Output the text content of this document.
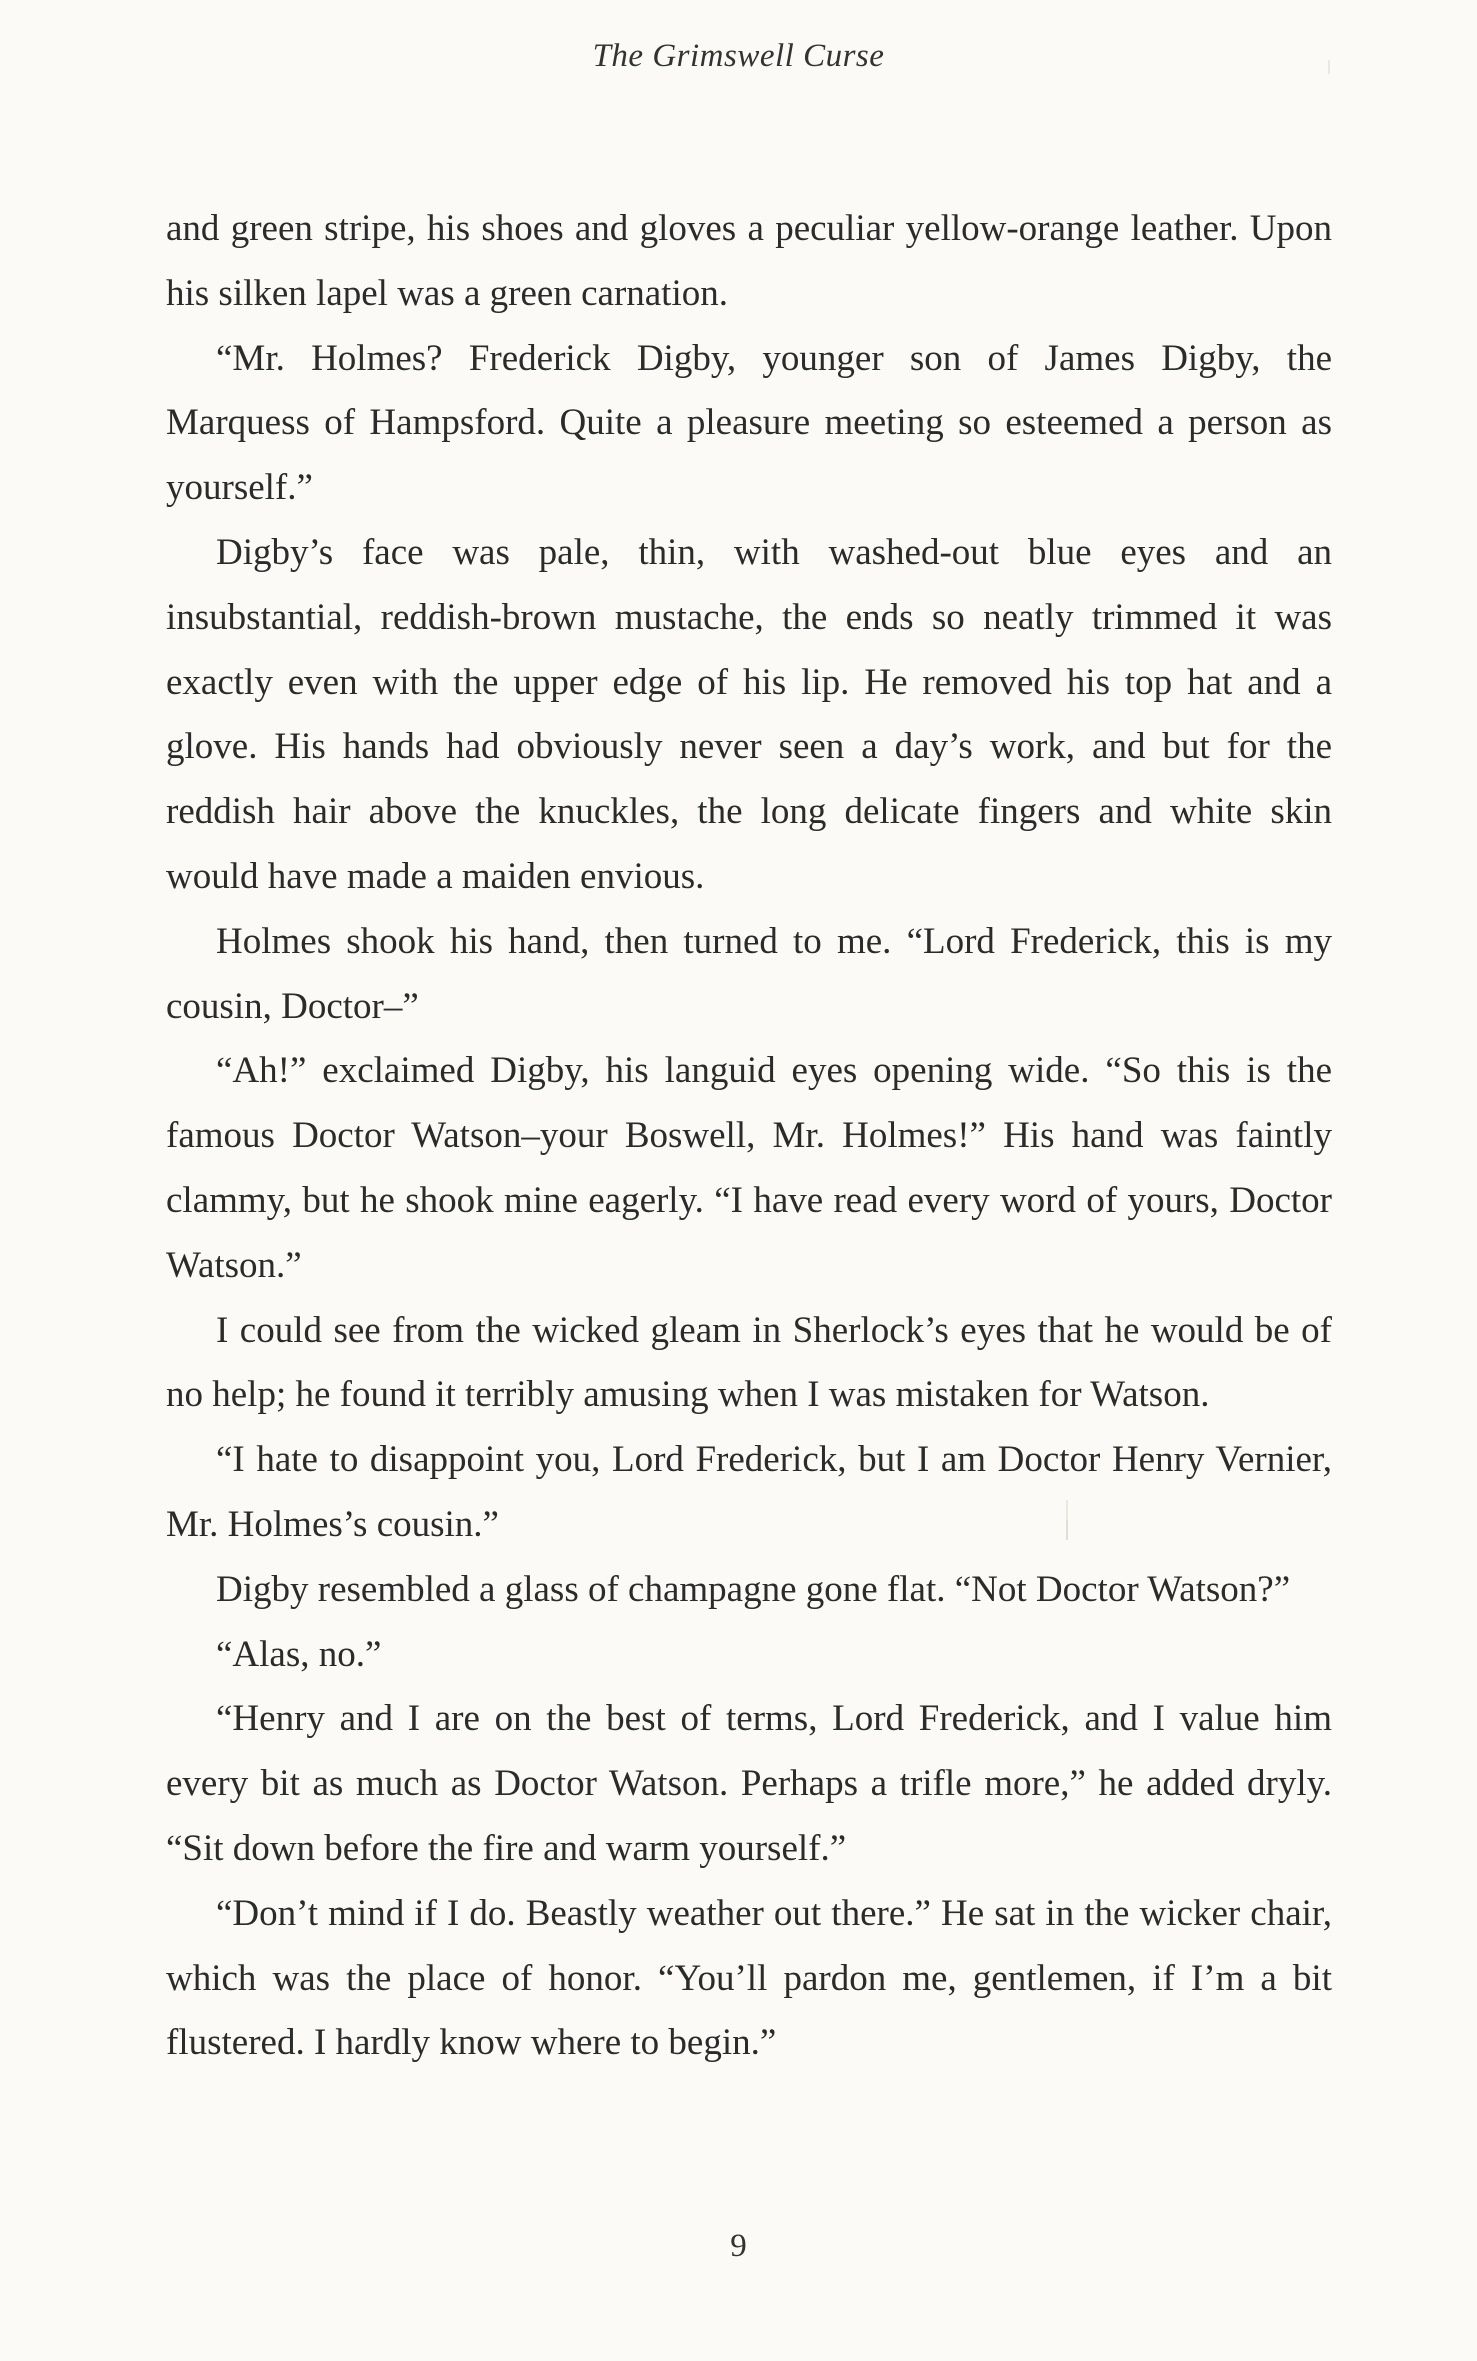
The Grimswell Curse

and green stripe, his shoes and gloves a peculiar yellow-orange leather. Upon his silken lapel was a green carnation.

“Mr. Holmes? Frederick Digby, younger son of James Digby, the Marquess of Hampsford. Quite a pleasure meeting so esteemed a person as yourself.”

Digby’s face was pale, thin, with washed-out blue eyes and an insubstantial, reddish-brown mustache, the ends so neatly trimmed it was exactly even with the upper edge of his lip. He removed his top hat and a glove. His hands had obviously never seen a day’s work, and but for the reddish hair above the knuckles, the long delicate fingers and white skin would have made a maiden envious.

Holmes shook his hand, then turned to me. “Lord Frederick, this is my cousin, Doctor–”

“Ah!” exclaimed Digby, his languid eyes opening wide. “So this is the famous Doctor Watson–your Boswell, Mr. Holmes!” His hand was faintly clammy, but he shook mine eagerly. “I have read every word of yours, Doctor Watson.”

I could see from the wicked gleam in Sherlock’s eyes that he would be of no help; he found it terribly amusing when I was mistaken for Watson.

“I hate to disappoint you, Lord Frederick, but I am Doctor Henry Vernier, Mr. Holmes’s cousin.”

Digby resembled a glass of champagne gone flat. “Not Doctor Watson?”

“Alas, no.”

“Henry and I are on the best of terms, Lord Frederick, and I value him every bit as much as Doctor Watson. Perhaps a trifle more,” he added dryly. “Sit down before the fire and warm yourself.”

“Don’t mind if I do. Beastly weather out there.” He sat in the wicker chair, which was the place of honor. “You’ll pardon me, gentlemen, if I’m a bit flustered. I hardly know where to begin.”

9
